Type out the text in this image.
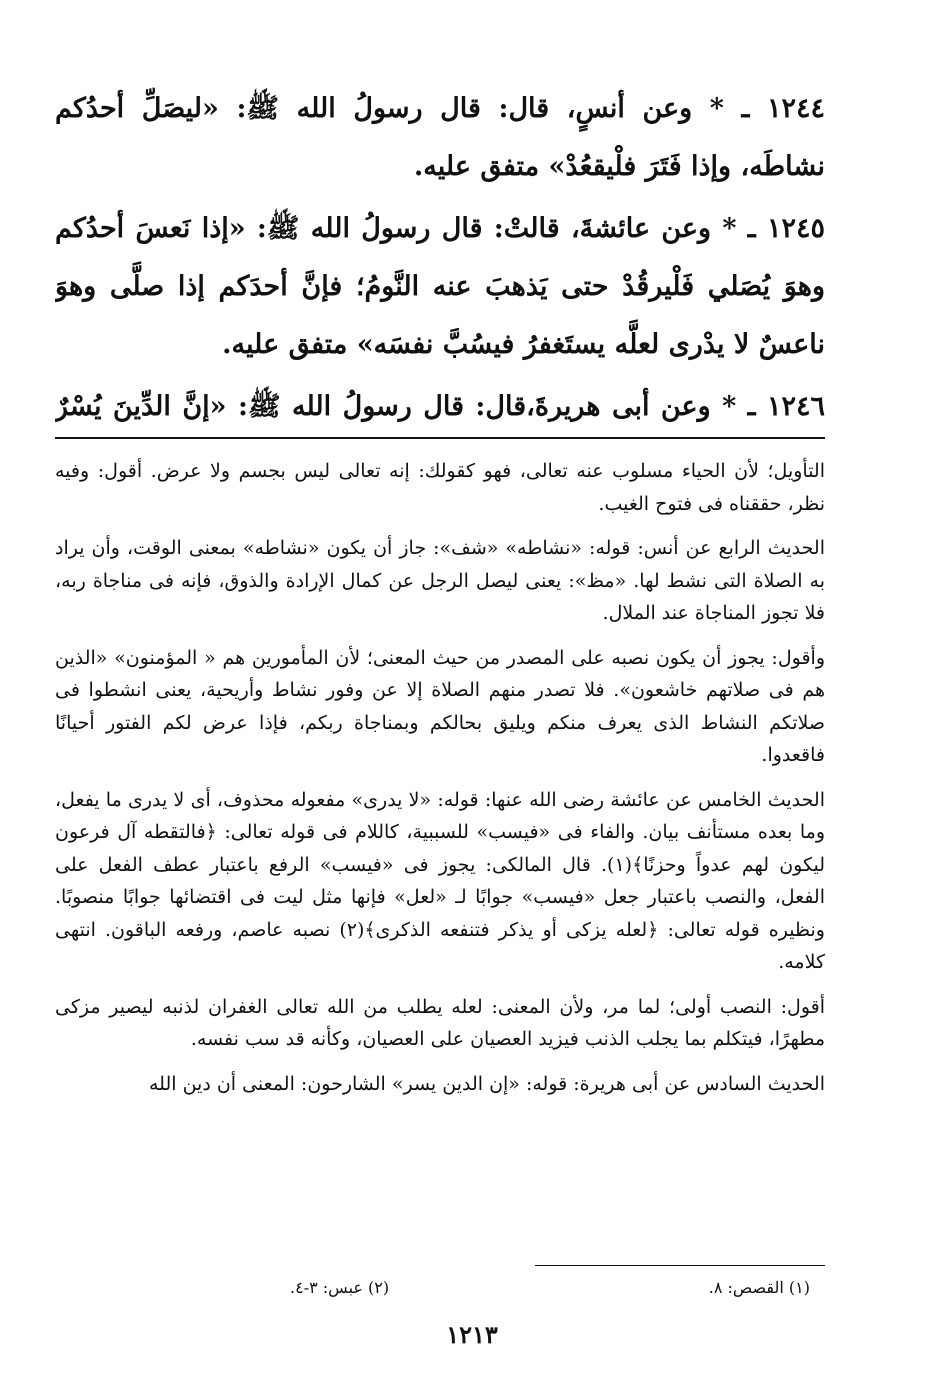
١٢٤٤ ـ * وعن أنسٍ، قال: قال رسولُ الله ﷺ: «ليصَلِّ أحدُكم نشاطَه، وإذا فَتَرَ فلْيقعُدْ» متفق عليه.

١٢٤٥ ـ * وعن عائشةَ، قالتْ: قال رسولُ الله ﷺ: «إذا نَعسَ أحدُكم وهوَ يُصَلي فَلْيرقُدْ حتى يَذهبَ عنه النَّومُ؛ فإنَّ أحدَكم إذا صلَّى وهوَ ناعسٌ لا يدْرى لعلَّه يستَغفرُ فيسُبَّ نفسَه» متفق عليه.

١٢٤٦ ـ * وعن أبى هريرةَ،قال: قال رسولُ الله ﷺ: «إنَّ الدِّينَ يُسْرٌ

التأويل؛ لأن الحياء مسلوب عنه تعالى، فهو كقولك: إنه تعالى ليس بجسم ولا عرض. أقول: وفيه نظر، حققناه فى فتوح الغيب.

الحديث الرابع عن أنس: قوله: «نشاطه» «شف»: جاز أن يكون «نشاطه» بمعنى الوقت، وأن يراد به الصلاة التى نشط لها. «مظ»: يعنى ليصل الرجل عن كمال الإرادة والذوق، فإنه فى مناجاة ربه، فلا تجوز المناجاة عند الملال.

وأقول: يجوز أن يكون نصبه على المصدر من حيث المعنى؛ لأن المأمورين هم « المؤمنون» «الذين هم فى صلاتهم خاشعون». فلا تصدر منهم الصلاة إلا عن وفور نشاط وأريحية، يعنى انشطوا فى صلاتكم النشاط الذى يعرف منكم ويليق بحالكم وبمناجاة ربكم، فإذا عرض لكم الفتور أحيانًا فاقعدوا.

الحديث الخامس عن عائشة رضى الله عنها: قوله: «لا يدرى» مفعوله محذوف، أى لا يدرى ما يفعل، وما بعده مستأنف بيان. والفاء فى «فيسب» للسببية، كاللام فى قوله تعالى: ﴿فالتقطه آل فرعون ليكون لهم عدواً وحزنًا﴾(١). قال المالكى: يجوز فى «فيسب» الرفع باعتبار عطف الفعل على الفعل، والنصب باعتبار جعل «فيسب» جوابًا لـ «لعل» فإنها مثل ليت فى اقتضائها جوابًا منصوبًا. ونظيره قوله تعالى: ﴿لعله يزكى أو يذكر فتنفعه الذكرى﴾(٢) نصبه عاصم، ورفعه الباقون. انتهى كلامه.

أقول: النصب أولى؛ لما مر، ولأن المعنى: لعله يطلب من الله تعالى الغفران لذنبه ليصير مزكى مطهرًا، فيتكلم بما يجلب الذنب فيزيد العصيان على العصيان، وكأنه قد سب نفسه.

الحديث السادس عن أبى هريرة: قوله: «إن الدين يسر» الشارحون: المعنى أن دين الله

(١) القصص: ٨.
(٢) عبس: ٣-٤.
١٢١٣
